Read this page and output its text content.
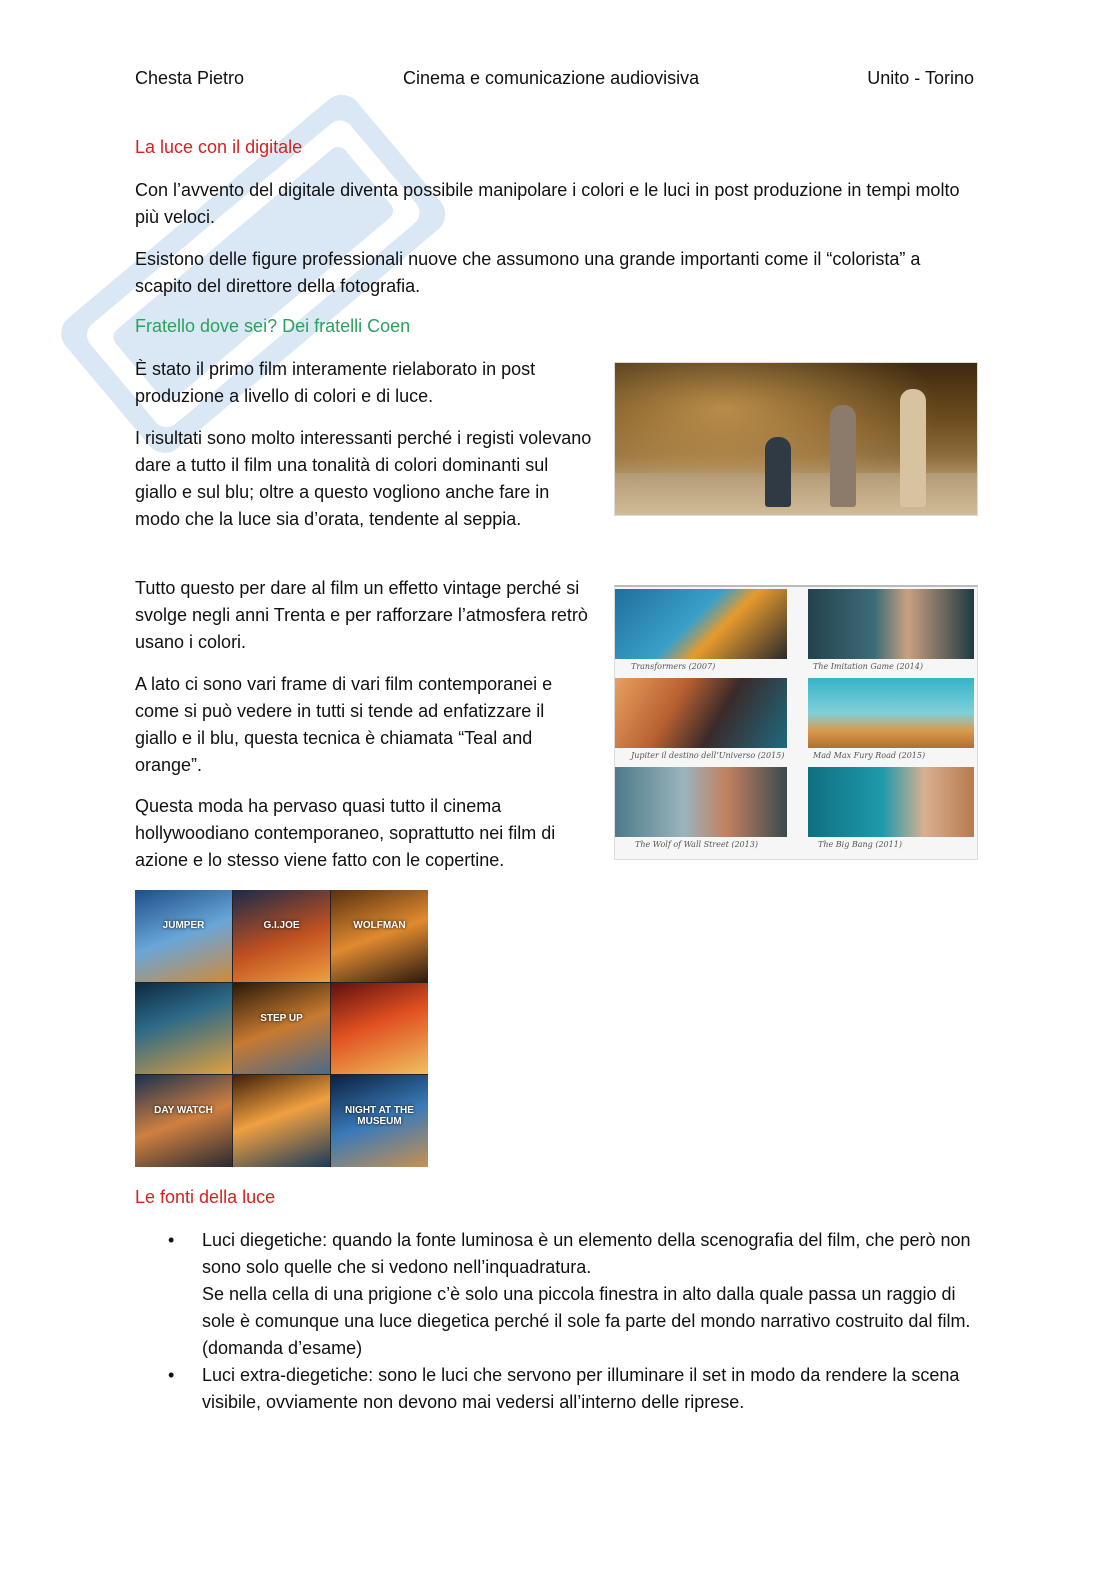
Chesta Pietro	Cinema e comunicazione audiovisiva	Unito - Torino
La luce con il digitale

Con l’avvento del digitale diventa possibile manipolare i colori e le luci in post produzione in tempi molto più veloci.

Esistono delle figure professionali nuove che assumono una grande importanti come il “colorista” a scapito del direttore della fotografia.

Fratello dove sei? Dei fratelli Coen

È stato il primo film interamente rielaborato in post produzione a livello di colori e di luce.

I risultati sono molto interessanti perché i registi volevano dare a tutto il film una tonalità di colori dominanti sul giallo e sul blu; oltre a questo vogliono anche fare in modo che la luce sia d’orata, tendente al seppia.

Tutto questo per dare al film un effetto vintage perché si svolge negli anni Trenta e per rafforzare l’atmosfera retrò usano i colori.

A lato ci sono vari frame di vari film contemporanei e come si può vedere in tutti si tende ad enfatizzare il giallo e il blu, questa tecnica è chiamata “Teal and orange”.

Questa moda ha pervaso quasi tutto il cinema hollywoodiano contemporaneo, soprattutto nei film di azione e lo stesso viene fatto con le copertine.

Transformers (2007)	The Imitation Game (2014)
Jupiter il destino dell’Universo (2015)	Mad Max Fury Road (2015)
The Wolf of Wall Street (2013)	The Big Bang (2011)
JUMPER	G.I.JOE	WOLFMAN
STEP UP
DAY WATCH	NIGHT AT THE MUSEUM
Le fonti della luce
• Luci diegetiche: quando la fonte luminosa è un elemento della scenografia del film, che però non sono solo quelle che si vedono nell’inquadratura.
Se nella cella di una prigione c’è solo una piccola finestra in alto dalla quale passa un raggio di sole è comunque una luce diegetica perché il sole fa parte del mondo narrativo costruito dal film. (domanda d’esame)
• Luci extra-diegetiche: sono le luci che servono per illuminare il set in modo da rendere la scena visibile, ovviamente non devono mai vedersi all’interno delle riprese.
